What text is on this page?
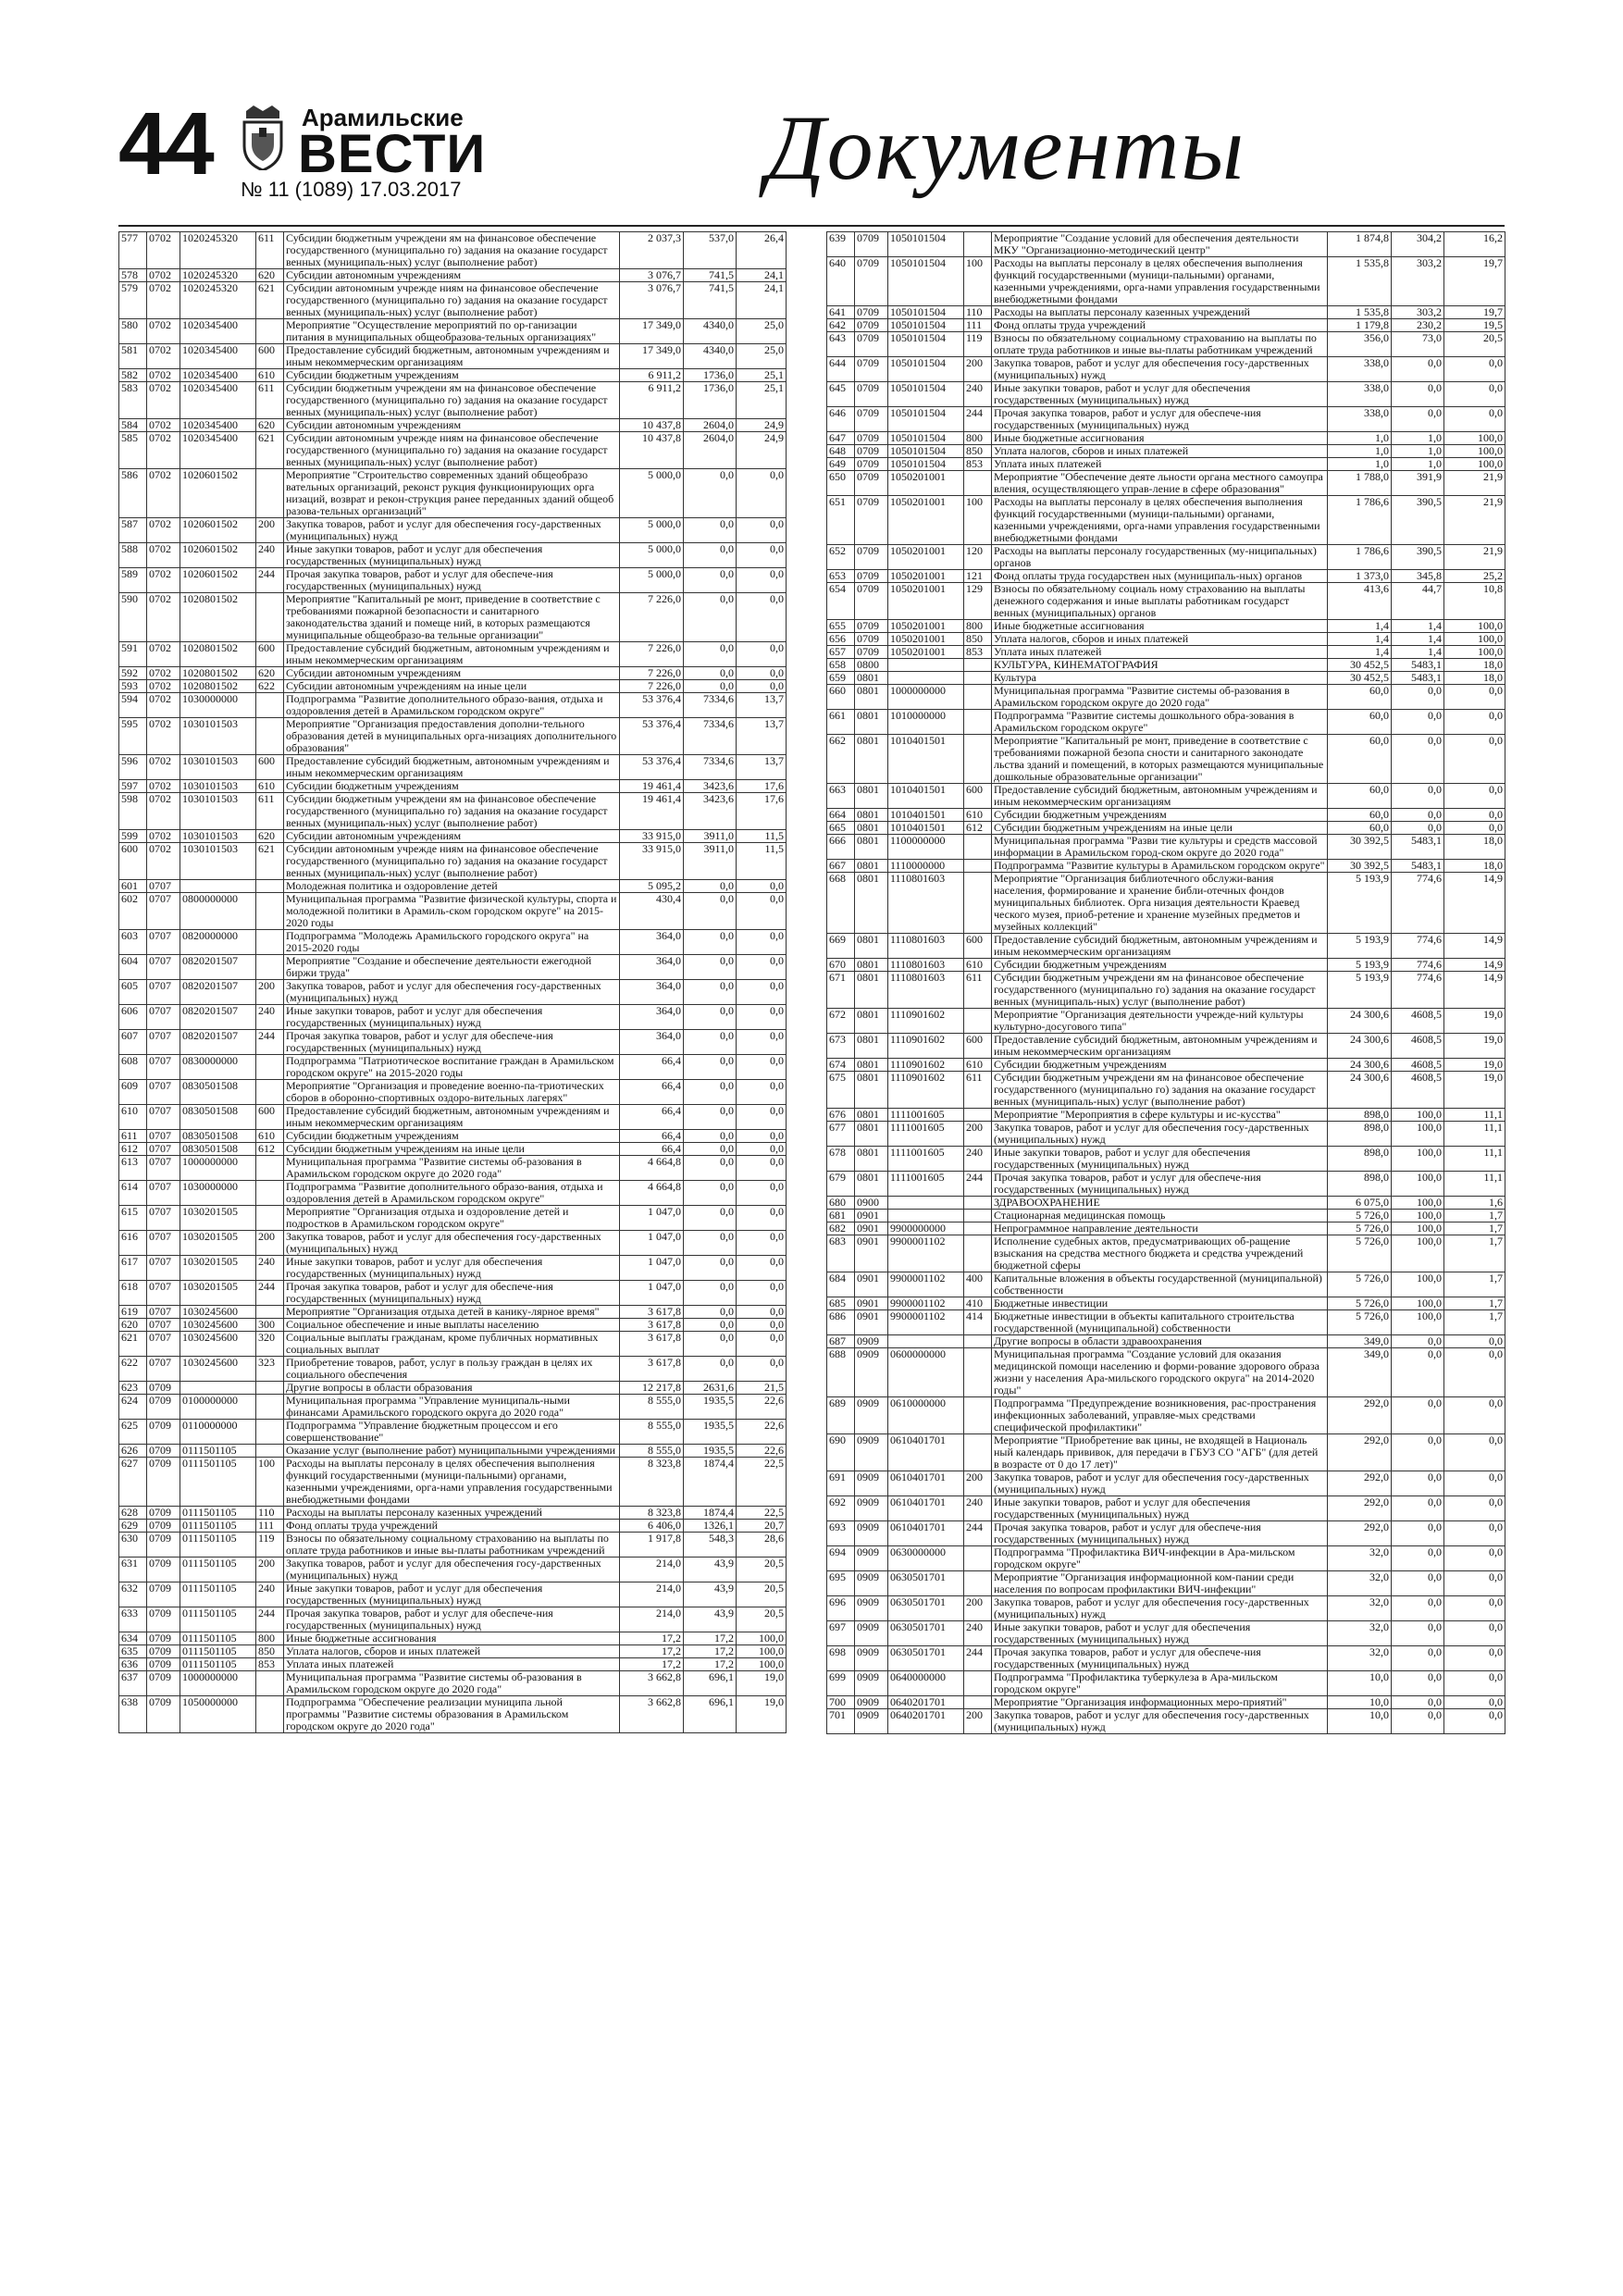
44	Арамильские
ВЕСТИ
№ 11 (1089) 17.03.2017	Документы
577	0702	1020245320	611	Субсидии бюджетным учреждени ям на финансовое обеспечение государственного (муниципально го) задания на оказание государст венных (муниципаль-ных) услуг (выполнение работ)	2 037,3	537,0	26,4
578	0702	1020245320	620	Субсидии автономным учреждениям	3 076,7	741,5	24,1
579	0702	1020245320	621	Субсидии автономным учрежде ниям на финансовое обеспечение государственного (муниципально го) задания на оказание государст венных (муниципаль-ных) услуг (выполнение работ)	3 076,7	741,5	24,1
580	0702	1020345400		Мероприятие "Осуществление мероприятий по ор-ганизации питания в муниципальных общеобразова-тельных организациях"	17 349,0	4340,0	25,0
581	0702	1020345400	600	Предоставление субсидий бюджетным, автономным учреждениям и иным некоммерческим организациям	17 349,0	4340,0	25,0
582	0702	1020345400	610	Субсидии бюджетным учреждениям	6 911,2	1736,0	25,1
583	0702	1020345400	611	Субсидии бюджетным учреждени ям на финансовое обеспечение государственного (муниципально го) задания на оказание государст венных (муниципаль-ных) услуг (выполнение работ)	6 911,2	1736,0	25,1
584	0702	1020345400	620	Субсидии автономным учреждениям	10 437,8	2604,0	24,9
585	0702	1020345400	621	Субсидии автономным учрежде ниям на финансовое обеспечение государственного (муниципально го) задания на оказание государст венных (муниципаль-ных) услуг (выполнение работ)	10 437,8	2604,0	24,9
586	0702	1020601502		Мероприятие "Строительство современных зданий общеобразо вательных организаций, реконст рукция функционирующих орга низаций, возврат и рекон-струкция ранее переданных зданий общеоб разова-тельных организаций"	5 000,0	0,0	0,0
587	0702	1020601502	200	Закупка товаров, работ и услуг для обеспечения госу-дарственных (муниципальных) нужд	5 000,0	0,0	0,0
588	0702	1020601502	240	Иные закупки товаров, работ и услуг для обеспечения государственных (муниципальных) нужд	5 000,0	0,0	0,0
589	0702	1020601502	244	Прочая закупка товаров, работ и услуг для обеспече-ния государственных (муниципальных) нужд	5 000,0	0,0	0,0
590	0702	1020801502		Мероприятие "Капитальный ре монт, приведение в соответствие с требованиями пожарной безопасности и санитарного законодательства зданий и помеще ний, в которых размещаются муниципальные общеобразо-ва тельные организации"	7 226,0	0,0	0,0
591	0702	1020801502	600	Предоставление субсидий бюджетным, автономным учреждениям и иным некоммерческим организациям	7 226,0	0,0	0,0
592	0702	1020801502	620	Субсидии автономным учреждениям	7 226,0	0,0	0,0
593	0702	1020801502	622	Субсидии автономным учреждениям на иные цели	7 226,0	0,0	0,0
594	0702	1030000000		Подпрограмма "Развитие дополнительного образо-вания, отдыха и оздоровления детей в Арамильском городском округе"	53 376,4	7334,6	13,7
595	0702	1030101503		Мероприятие "Организация предоставления дополни-тельного образования детей в муниципальных орга-низациях дополнительного образования"	53 376,4	7334,6	13,7
596	0702	1030101503	600	Предоставление субсидий бюджетным, автономным учреждениям и иным некоммерческим организациям	53 376,4	7334,6	13,7
597	0702	1030101503	610	Субсидии бюджетным учреждениям	19 461,4	3423,6	17,6
598	0702	1030101503	611	Субсидии бюджетным учреждени ям на финансовое обеспечение государственного (муниципально го) задания на оказание государст венных (муниципаль-ных) услуг (выполнение работ)	19 461,4	3423,6	17,6
599	0702	1030101503	620	Субсидии автономным учреждениям	33 915,0	3911,0	11,5
600	0702	1030101503	621	Субсидии автономным учрежде ниям на финансовое обеспечение государственного (муниципально го) задания на оказание государст венных (муниципаль-ных) услуг (выполнение работ)	33 915,0	3911,0	11,5
601	0707			Молодежная политика и оздоровление детей	5 095,2	0,0	0,0
602	0707	0800000000		Муниципальная программа "Развитие физической культуры, спорта и молодежной политики в Арамиль-ском городском округе" на 2015-2020 годы	430,4	0,0	0,0
603	0707	0820000000		Подпрограмма "Молодежь Арамильского городского округа" на 2015-2020 годы	364,0	0,0	0,0
604	0707	0820201507		Мероприятие "Создание и обеспечение деятельности ежегодной биржи труда"	364,0	0,0	0,0
605	0707	0820201507	200	Закупка товаров, работ и услуг для обеспечения госу-дарственных (муниципальных) нужд	364,0	0,0	0,0
606	0707	0820201507	240	Иные закупки товаров, работ и услуг для обеспечения государственных (муниципальных) нужд	364,0	0,0	0,0
607	0707	0820201507	244	Прочая закупка товаров, работ и услуг для обеспече-ния государственных (муниципальных) нужд	364,0	0,0	0,0
608	0707	0830000000		Подпрограмма "Патриотическое воспитание граждан в Арамильском городском округе" на 2015-2020 годы	66,4	0,0	0,0
609	0707	0830501508		Мероприятие "Организация и проведение военно-па-триотических сборов в оборонно-спортивных оздоро-вительных лагерях"	66,4	0,0	0,0
610	0707	0830501508	600	Предоставление субсидий бюджетным, автономным учреждениям и иным некоммерческим организациям	66,4	0,0	0,0
611	0707	0830501508	610	Субсидии бюджетным учреждениям	66,4	0,0	0,0
612	0707	0830501508	612	Субсидии бюджетным учреждениям на иные цели	66,4	0,0	0,0
613	0707	1000000000		Муниципальная программа "Развитие системы об-разования в Арамильском городском округе до 2020 года"	4 664,8	0,0	0,0
614	0707	1030000000		Подпрограмма "Развитие дополнительного образо-вания, отдыха и оздоровления детей в Арамильском городском округе"	4 664,8	0,0	0,0
615	0707	1030201505		Мероприятие "Организация отдыха и оздоровление детей и подростков в Арамильском городском округе"	1 047,0	0,0	0,0
616	0707	1030201505	200	Закупка товаров, работ и услуг для обеспечения госу-дарственных (муниципальных) нужд	1 047,0	0,0	0,0
617	0707	1030201505	240	Иные закупки товаров, работ и услуг для обеспечения государственных (муниципальных) нужд	1 047,0	0,0	0,0
618	0707	1030201505	244	Прочая закупка товаров, работ и услуг для обеспече-ния государственных (муниципальных) нужд	1 047,0	0,0	0,0
619	0707	1030245600		Мероприятие "Организация отдыха детей в канику-лярное время"	3 617,8	0,0	0,0
620	0707	1030245600	300	Социальное обеспечение и иные выплаты населению	3 617,8	0,0	0,0
621	0707	1030245600	320	Социальные выплаты гражданам, кроме публичных нормативных социальных выплат	3 617,8	0,0	0,0
622	0707	1030245600	323	Приобретение товаров, работ, услуг в пользу граждан в целях их социального обеспечения	3 617,8	0,0	0,0
623	0709			Другие вопросы в области образования	12 217,8	2631,6	21,5
624	0709	0100000000		Муниципальная программа "Управление муниципаль-ными финансами Арамильского городского округа до 2020 года"	8 555,0	1935,5	22,6
625	0709	0110000000		Подпрограмма "Управление бюджетным процессом и его совершенствование"	8 555,0	1935,5	22,6
626	0709	0111501105		Оказание услуг (выполнение работ) муниципальными учреждениями	8 555,0	1935,5	22,6
627	0709	0111501105	100	Расходы на выплаты персоналу в целях обеспечения выполнения функций государственными (муници-пальными) органами, казенными учреждениями, орга-нами управления государственными внебюджетными фондами	8 323,8	1874,4	22,5
628	0709	0111501105	110	Расходы на выплаты персоналу казенных учреждений	8 323,8	1874,4	22,5
629	0709	0111501105	111	Фонд оплаты труда учреждений	6 406,0	1326,1	20,7
630	0709	0111501105	119	Взносы по обязательному социальному страхованию на выплаты по оплате труда работников и иные вы-платы работникам учреждений	1 917,8	548,3	28,6
631	0709	0111501105	200	Закупка товаров, работ и услуг для обеспечения госу-дарственных (муниципальных) нужд	214,0	43,9	20,5
632	0709	0111501105	240	Иные закупки товаров, работ и услуг для обеспечения государственных (муниципальных) нужд	214,0	43,9	20,5
633	0709	0111501105	244	Прочая закупка товаров, работ и услуг для обеспече-ния государственных (муниципальных) нужд	214,0	43,9	20,5
634	0709	0111501105	800	Иные бюджетные ассигнования	17,2	17,2	100,0
635	0709	0111501105	850	Уплата налогов, сборов и иных платежей	17,2	17,2	100,0
636	0709	0111501105	853	Уплата иных платежей	17,2	17,2	100,0
637	0709	1000000000		Муниципальная программа "Развитие системы об-разования в Арамильском городском округе до 2020 года"	3 662,8	696,1	19,0
638	0709	1050000000		Подпрограмма "Обеспечение реализации муниципа льной программы "Развитие системы образования в Арамильском городском округе до 2020 года"	3 662,8	696,1	19,0
639	0709	1050101504		Мероприятие "Создание условий для обеспечения деятельности МКУ "Организационно-методический центр"	1 874,8	304,2	16,2
640	0709	1050101504	100	Расходы на выплаты персоналу в целях обеспечения выполнения функций государственными (муници-пальными) органами, казенными учреждениями, орга-нами управления государственными внебюджетными фондами	1 535,8	303,2	19,7
641	0709	1050101504	110	Расходы на выплаты персоналу казенных учреждений	1 535,8	303,2	19,7
642	0709	1050101504	111	Фонд оплаты труда учреждений	1 179,8	230,2	19,5
643	0709	1050101504	119	Взносы по обязательному социальному страхованию на выплаты по оплате труда работников и иные вы-платы работникам учреждений	356,0	73,0	20,5
644	0709	1050101504	200	Закупка товаров, работ и услуг для обеспечения госу-дарственных (муниципальных) нужд	338,0	0,0	0,0
645	0709	1050101504	240	Иные закупки товаров, работ и услуг для обеспечения государственных (муниципальных) нужд	338,0	0,0	0,0
646	0709	1050101504	244	Прочая закупка товаров, работ и услуг для обеспече-ния государственных (муниципальных) нужд	338,0	0,0	0,0
647	0709	1050101504	800	Иные бюджетные ассигнования	1,0	1,0	100,0
648	0709	1050101504	850	Уплата налогов, сборов и иных платежей	1,0	1,0	100,0
649	0709	1050101504	853	Уплата иных платежей	1,0	1,0	100,0
650	0709	1050201001		Мероприятие "Обеспечение деяте льности органа местного самоупра вления, осуществляющего управ-ление в сфере образования"	1 788,0	391,9	21,9
651	0709	1050201001	100	Расходы на выплаты персоналу в целях обеспечения выполнения функций государственными (муници-пальными) органами, казенными учреждениями, орга-нами управления государственными внебюджетными фондами	1 786,6	390,5	21,9
652	0709	1050201001	120	Расходы на выплаты персоналу государственных (му-ниципальных) органов	1 786,6	390,5	21,9
653	0709	1050201001	121	Фонд оплаты труда государствен ных (муниципаль-ных) органов	1 373,0	345,8	25,2
654	0709	1050201001	129	Взносы по обязательному социаль ному страхованию на выплаты денежного содержания и иные выплаты работникам государст венных (муниципальных) органов	413,6	44,7	10,8
655	0709	1050201001	800	Иные бюджетные ассигнования	1,4	1,4	100,0
656	0709	1050201001	850	Уплата налогов, сборов и иных платежей	1,4	1,4	100,0
657	0709	1050201001	853	Уплата иных платежей	1,4	1,4	100,0
658	0800			КУЛЬТУРА, КИНЕМАТОГРАФИЯ	30 452,5	5483,1	18,0
659	0801			Культура	30 452,5	5483,1	18,0
660	0801	1000000000		Муниципальная программа "Развитие системы об-разования в Арамильском городском округе до 2020 года"	60,0	0,0	0,0
661	0801	1010000000		Подпрограмма "Развитие системы дошкольного обра-зования в Арамильском городском округе"	60,0	0,0	0,0
662	0801	1010401501		Мероприятие "Капитальный ре монт, приведение в соответствие с требованиями пожарной безопа сности и санитарного законодате льства зданий и помещений, в которых размещаются муниципальные дошкольные образовательные организации"	60,0	0,0	0,0
663	0801	1010401501	600	Предоставление субсидий бюджетным, автономным учреждениям и иным некоммерческим организациям	60,0	0,0	0,0
664	0801	1010401501	610	Субсидии бюджетным учреждениям	60,0	0,0	0,0
665	0801	1010401501	612	Субсидии бюджетным учреждениям на иные цели	60,0	0,0	0,0
666	0801	1100000000		Муниципальная программа "Разви тие культуры и средств массовой информации в Арамильском город-ском округе до 2020 года"	30 392,5	5483,1	18,0
667	0801	1110000000		Подпрограмма "Развитие культуры в Арамильском городском округе"	30 392,5	5483,1	18,0
668	0801	1110801603		Мероприятие "Организация библиотечного обслужи-вания населения, формирование и хранение библи-отечных фондов муниципальных библиотек. Орга низация деятельности Краевед ческого музея, приоб-ретение и хранение музейных предметов и музейных коллекций"	5 193,9	774,6	14,9
669	0801	1110801603	600	Предоставление субсидий бюджетным, автономным учреждениям и иным некоммерческим организациям	5 193,9	774,6	14,9
670	0801	1110801603	610	Субсидии бюджетным учреждениям	5 193,9	774,6	14,9
671	0801	1110801603	611	Субсидии бюджетным учреждени ям на финансовое обеспечение государственного (муниципально го) задания на оказание государст венных (муниципаль-ных) услуг (выполнение работ)	5 193,9	774,6	14,9
672	0801	1110901602		Мероприятие "Организация деятельности учрежде-ний культуры культурно-досугового типа"	24 300,6	4608,5	19,0
673	0801	1110901602	600	Предоставление субсидий бюджетным, автономным учреждениям и иным некоммерческим организациям	24 300,6	4608,5	19,0
674	0801	1110901602	610	Субсидии бюджетным учреждениям	24 300,6	4608,5	19,0
675	0801	1110901602	611	Субсидии бюджетным учреждени ям на финансовое обеспечение государственного (муниципально го) задания на оказание государст венных (муниципаль-ных) услуг (выполнение работ)	24 300,6	4608,5	19,0
676	0801	1111001605		Мероприятие "Мероприятия в сфере культуры и ис-кусства"	898,0	100,0	11,1
677	0801	1111001605	200	Закупка товаров, работ и услуг для обеспечения госу-дарственных (муниципальных) нужд	898,0	100,0	11,1
678	0801	1111001605	240	Иные закупки товаров, работ и услуг для обеспечения государственных (муниципальных) нужд	898,0	100,0	11,1
679	0801	1111001605	244	Прочая закупка товаров, работ и услуг для обеспече-ния государственных (муниципальных) нужд	898,0	100,0	11,1
680	0900			ЗДРАВООХРАНЕНИЕ	6 075,0	100,0	1,6
681	0901			Стационарная медицинская помощь	5 726,0	100,0	1,7
682	0901	9900000000		Непрограммное направление деятельности	5 726,0	100,0	1,7
683	0901	9900001102		Исполнение судебных актов, предусматривающих об-ращение взыскания на средства местного бюджета и средства учреждений бюджетной сферы	5 726,0	100,0	1,7
684	0901	9900001102	400	Капитальные вложения в объекты государственной (муниципальной) собственности	5 726,0	100,0	1,7
685	0901	9900001102	410	Бюджетные инвестиции	5 726,0	100,0	1,7
686	0901	9900001102	414	Бюджетные инвестиции в объекты капитального строительства государственной (муниципальной) собственности	5 726,0	100,0	1,7
687	0909			Другие вопросы в области здравоохранения	349,0	0,0	0,0
688	0909	0600000000		Муниципальная программа "Создание условий для оказания медицинской помощи населению и форми-рование здорового образа жизни у населения Ара-мильского городского округа" на 2014-2020 годы"	349,0	0,0	0,0
689	0909	0610000000		Подпрограмма "Предупреждение возникновения, рас-пространения инфекционных заболеваний, управляе-мых средствами специфической профилактики"	292,0	0,0	0,0
690	0909	0610401701		Мероприятие "Приобретение вак цины, не входящей в Националь ный календарь прививок, для передачи в ГБУЗ СО "АГБ" (для детей в возрасте от 0 до 17 лет)"	292,0	0,0	0,0
691	0909	0610401701	200	Закупка товаров, работ и услуг для обеспечения госу-дарственных (муниципальных) нужд	292,0	0,0	0,0
692	0909	0610401701	240	Иные закупки товаров, работ и услуг для обеспечения государственных (муниципальных) нужд	292,0	0,0	0,0
693	0909	0610401701	244	Прочая закупка товаров, работ и услуг для обеспече-ния государственных (муниципальных) нужд	292,0	0,0	0,0
694	0909	0630000000		Подпрограмма "Профилактика ВИЧ-инфекции в Ара-мильском городском округе"	32,0	0,0	0,0
695	0909	0630501701		Мероприятие "Организация информационной ком-пании среди населения по вопросам профилактики ВИЧ-инфекции"	32,0	0,0	0,0
696	0909	0630501701	200	Закупка товаров, работ и услуг для обеспечения госу-дарственных (муниципальных) нужд	32,0	0,0	0,0
697	0909	0630501701	240	Иные закупки товаров, работ и услуг для обеспечения государственных (муниципальных) нужд	32,0	0,0	0,0
698	0909	0630501701	244	Прочая закупка товаров, работ и услуг для обеспече-ния государственных (муниципальных) нужд	32,0	0,0	0,0
699	0909	0640000000		Подпрограмма "Профилактика туберкулеза в Ара-мильском городском округе"	10,0	0,0	0,0
700	0909	0640201701		Мероприятие "Организация информационных меро-приятий"	10,0	0,0	0,0
701	0909	0640201701	200	Закупка товаров, работ и услуг для обеспечения госу-дарственных (муниципальных) нужд	10,0	0,0	0,0
